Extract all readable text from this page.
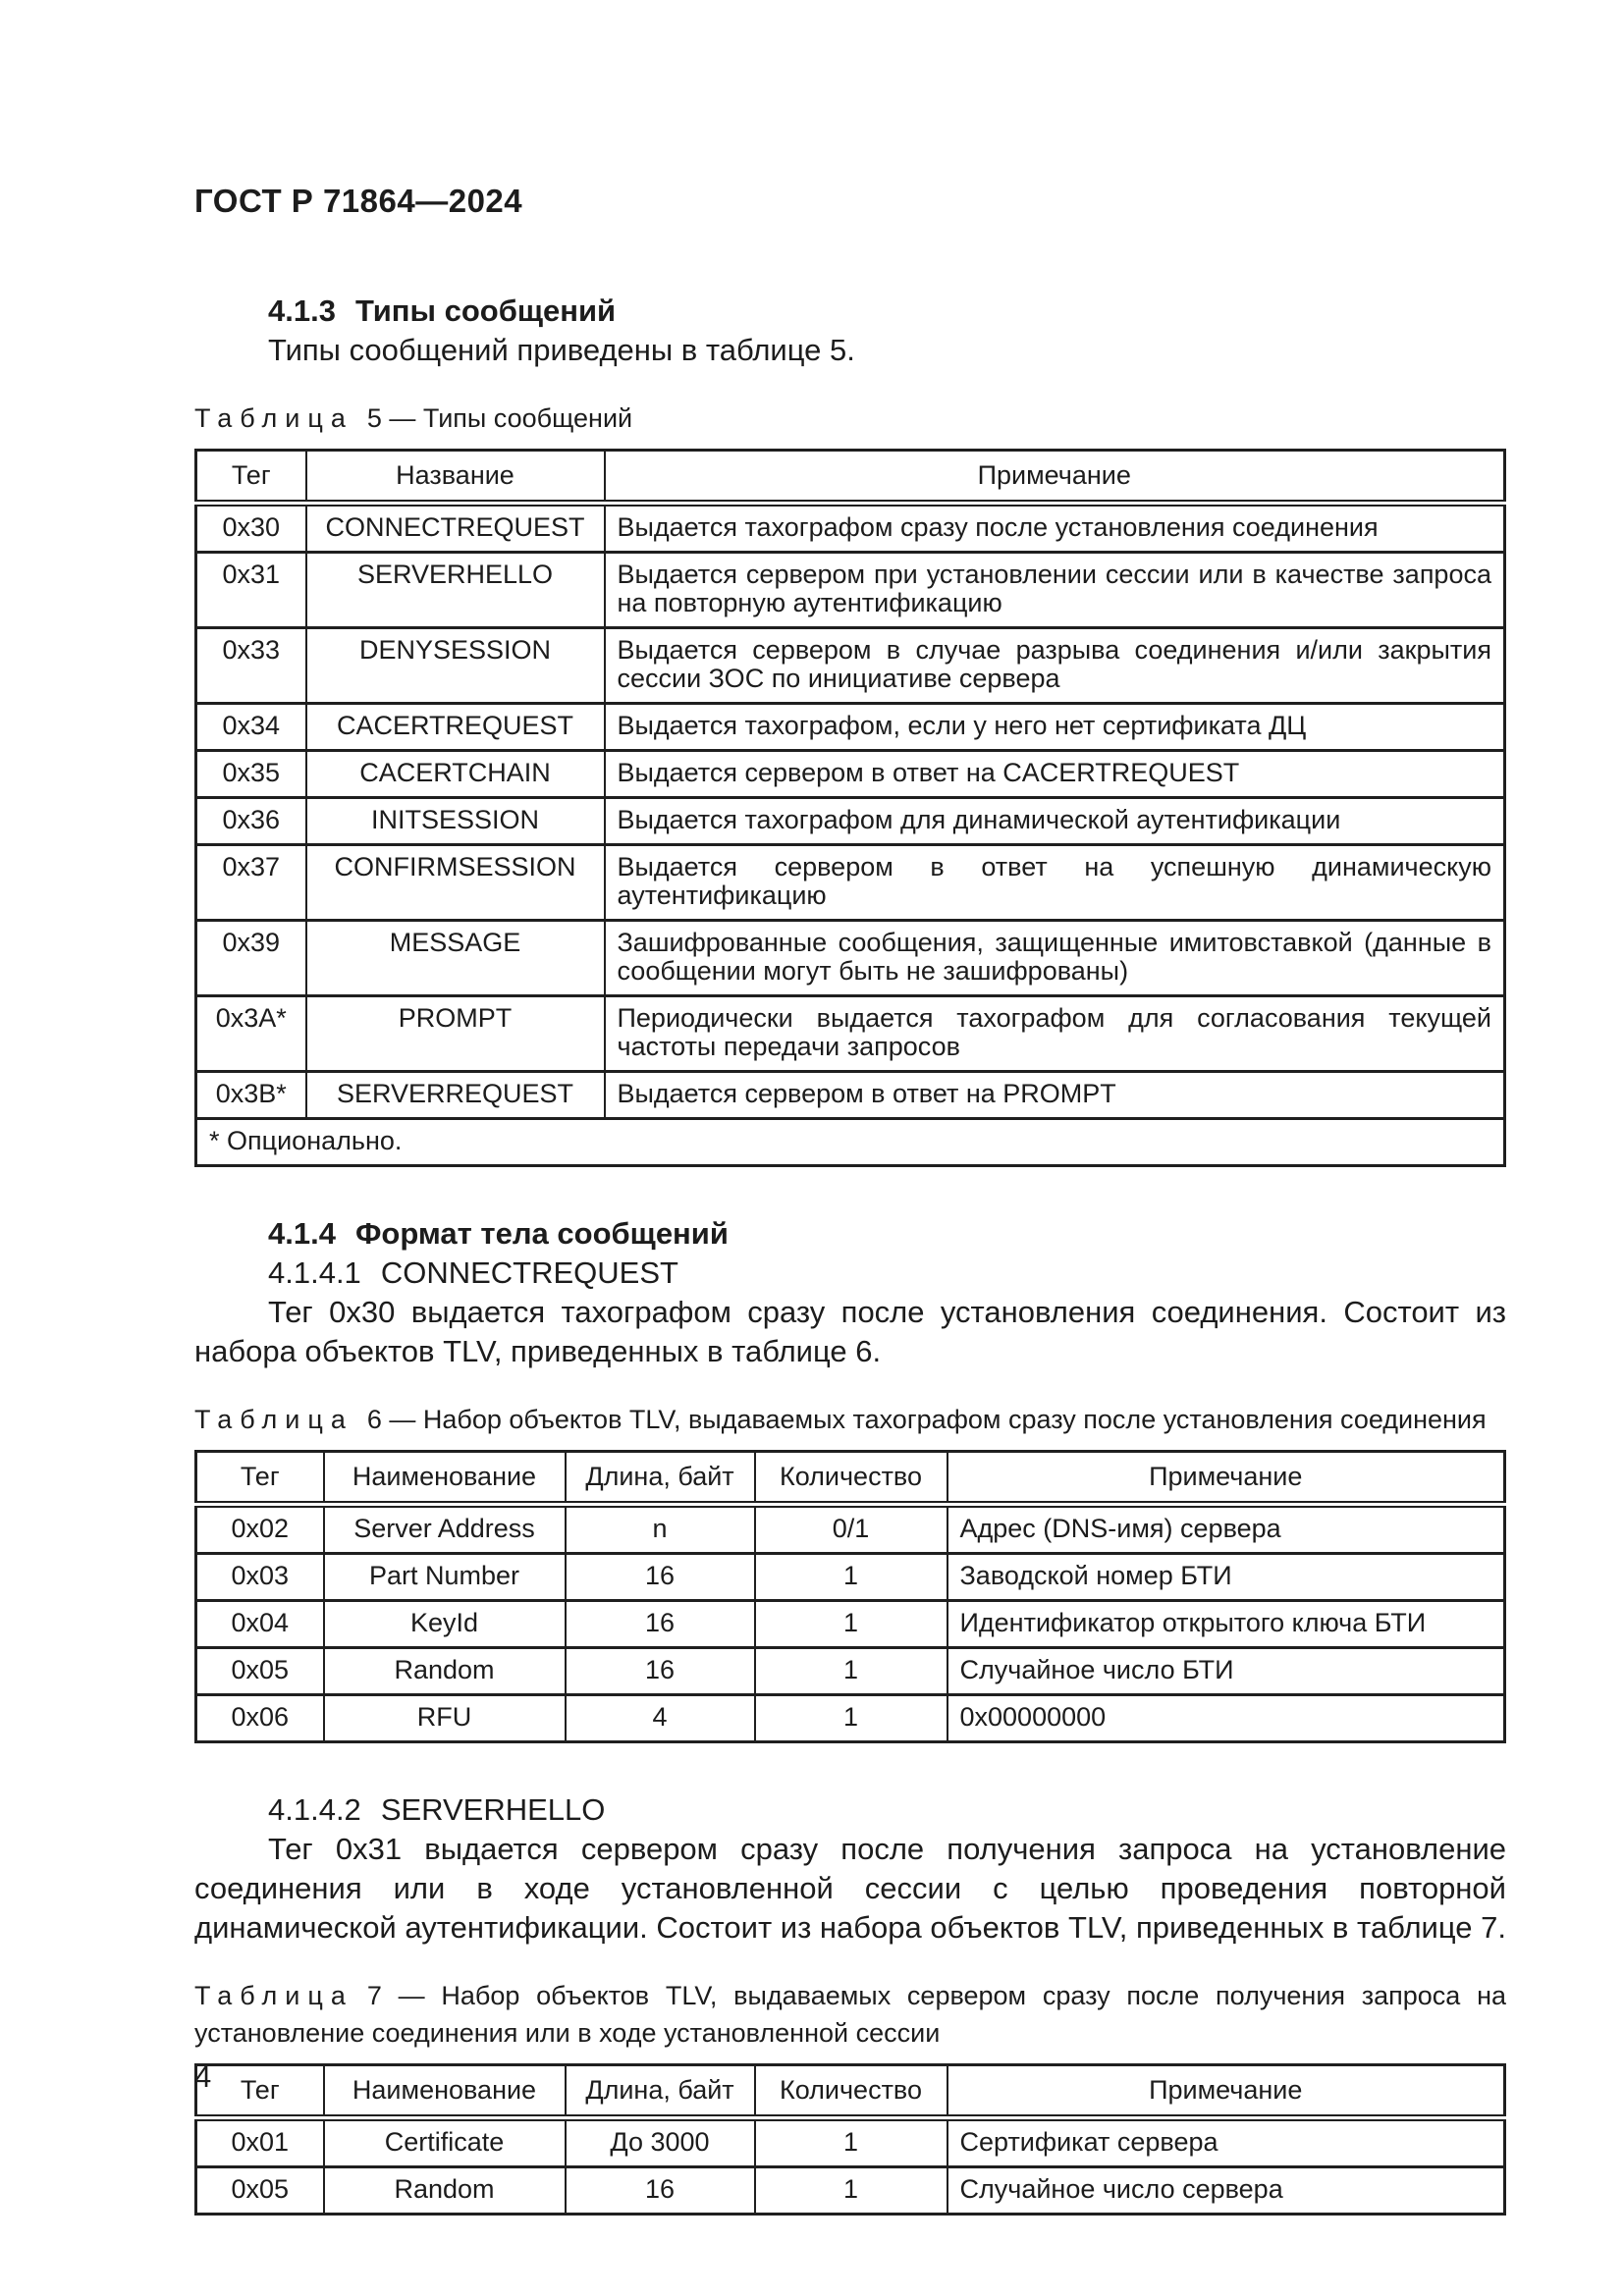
ГОСТ Р 71864—2024
4.1.3 Типы сообщений

Типы сообщений приведены в таблице 5.

Таблица 5 — Типы сообщений
Тег	Название	Примечание
0x30	CONNECTREQUEST	Выдается тахографом сразу после установления соединения
0x31	SERVERHELLO	Выдается сервером при установлении сессии или в качестве запроса на повторную аутентификацию
0x33	DENYSESSION	Выдается сервером в случае разрыва соединения и/или закрытия сессии ЗОС по инициативе сервера
0x34	CACERTREQUEST	Выдается тахографом, если у него нет сертификата ДЦ
0x35	CACERTCHAIN	Выдается сервером в ответ на CACERTREQUEST
0x36	INITSESSION	Выдается тахографом для динамической аутентификации
0x37	CONFIRMSESSION	Выдается сервером в ответ на успешную динамическую аутентификацию
0x39	MESSAGE	Зашифрованные сообщения, защищенные имитовставкой (данные в сообщении могут быть не зашифрованы)
0x3A*	PROMPT	Периодически выдается тахографом для согласования текущей частоты передачи запросов
0x3B*	SERVERREQUEST	Выдается сервером в ответ на PROMPT
* Опционально.		
4.1.4 Формат тела сообщений
4.1.4.1 CONNECTREQUEST

Тег 0x30 выдается тахографом сразу после установления соединения. Состоит из набора объектов TLV, приведенных в таблице 6.

Таблица 6 — Набор объектов TLV, выдаваемых тахографом сразу после установления соединения
Тег	Наименование	Длина, байт	Количество	Примечание
0x02	Server Address	n	0/1	Адрес (DNS-имя) сервера
0x03	Part Number	16	1	Заводской номер БТИ
0x04	KeyId	16	1	Идентификатор открытого ключа БТИ
0x05	Random	16	1	Случайное число БТИ
0x06	RFU	4	1	0x00000000
4.1.4.2 SERVERHELLO

Тег 0x31 выдается сервером сразу после получения запроса на установление соединения или в ходе установленной сессии с целью проведения повторной динамической аутентификации. Состоит из набора объектов TLV, приведенных в таблице 7.

Таблица 7 — Набор объектов TLV, выдаваемых сервером сразу после получения запроса на установление соединения или в ходе установленной сессии
Тег	Наименование	Длина, байт	Количество	Примечание
0x01	Certificate	До 3000	1	Сертификат сервера
0x05	Random	16	1	Случайное число сервера
4
